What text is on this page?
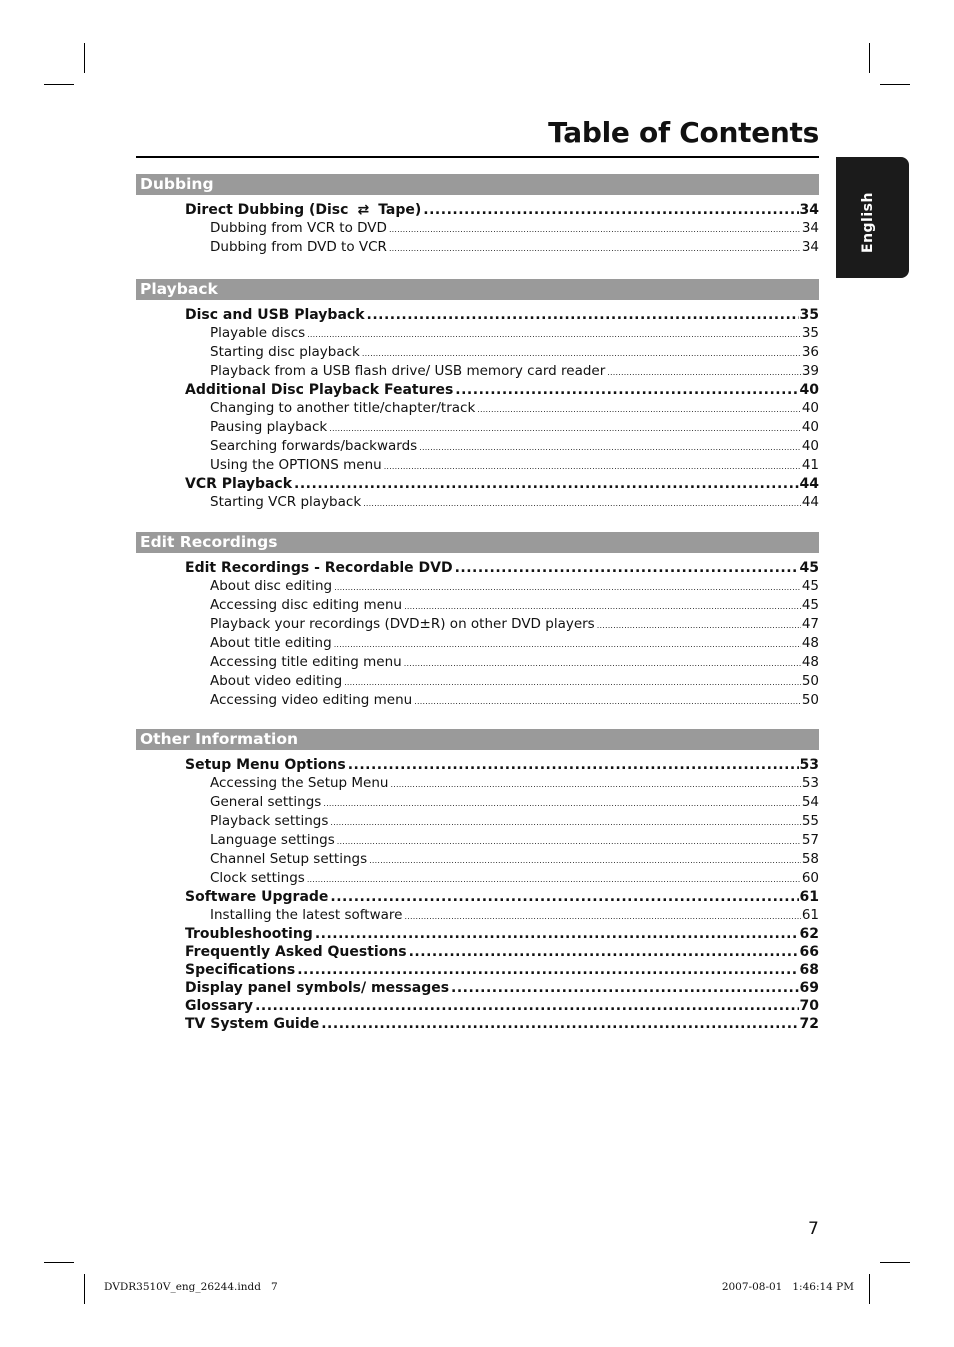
Table of Contents
English
Dubbing
Direct Dubbing (Disc ⇄ Tape) .....	34
Dubbing from VCR to DVD .....	34
Dubbing from DVD to VCR .....	34
Playback
Disc and USB Playback .....	35
Playable discs .....	35
Starting disc playback .....	36
Playback from a USB flash drive/ USB memory card reader .....	39
Additional Disc Playback Features .....	40
Changing to another title/chapter/track .....	40
Pausing playback .....	40
Searching forwards/backwards .....	40
Using the OPTIONS menu .....	41
VCR Playback .....	44
Starting VCR playback .....	44
Edit Recordings
Edit Recordings - Recordable DVD .....	45
About disc editing .....	45
Accessing disc editing menu .....	45
Playback your recordings (DVD±R) on other DVD players .....	47
About title editing .....	48
Accessing title editing menu .....	48
About video editing .....	50
Accessing video editing menu .....	50
Other Information
Setup Menu Options .....	53
Accessing the Setup Menu .....	53
General settings .....	54
Playback settings .....	55
Language settings .....	57
Channel Setup settings .....	58
Clock settings .....	60
Software Upgrade .....	61
Installing the latest software .....	61
Troubleshooting .....	62
Frequently Asked Questions .....	66
Specifications .....	68
Display panel symbols/ messages .....	69
Glossary .....	70
TV System Guide .....	72
7
DVDR3510V_eng_26244.indd   7	2007-08-01   1:46:14 PM
